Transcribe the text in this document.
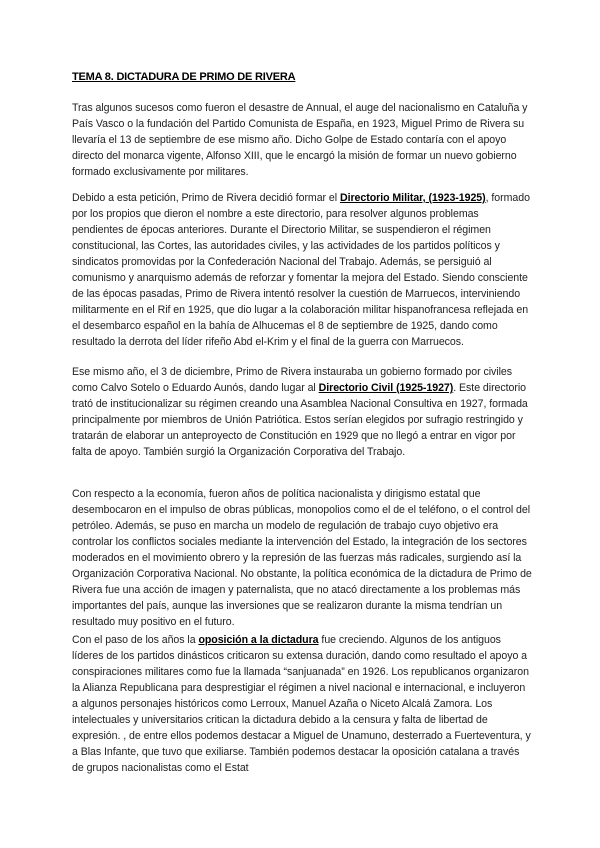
TEMA 8. DICTADURA DE PRIMO DE RIVERA

Tras algunos sucesos como fueron el desastre de Annual, el auge del nacionalismo en Cataluña y País Vasco o la fundación del Partido Comunista de España, en 1923, Miguel Primo de Rivera su llevaría el 13 de septiembre de ese mismo año. Dicho Golpe de Estado contaría con el apoyo directo del monarca vigente, Alfonso XIII, que le encargó la misión de formar un nuevo gobierno formado exclusivamente por militares.

Debido a esta petición, Primo de Rivera decidió formar el Directorio Militar, (1923-1925), formado por los propios que dieron el nombre a este directorio, para resolver algunos problemas pendientes de épocas anteriores. Durante el Directorio Militar, se suspendieron el régimen constitucional, las Cortes, las autoridades civiles, y las actividades de los partidos políticos y sindicatos promovidas por la Confederación Nacional del Trabajo. Además, se persiguió al comunismo y anarquismo además de reforzar y fomentar la mejora del Estado. Siendo consciente de las épocas pasadas, Primo de Rivera intentó resolver la cuestión de Marruecos, interviniendo militarmente en el Rif en 1925, que dio lugar a la colaboración militar hispanofrancesa reflejada en el desembarco español en la bahía de Alhucemas el 8 de septiembre de 1925, dando como resultado la derrota del líder rifeño Abd el-Krim y el final de la guerra con Marruecos.

Ese mismo año, el 3 de diciembre, Primo de Rivera instauraba un gobierno formado por civiles como Calvo Sotelo o Eduardo Aunós, dando lugar al Directorio Civil (1925-1927). Este directorio trató de institucionalizar su régimen creando una Asamblea Nacional Consultiva en 1927, formada principalmente por miembros de Unión Patriótica. Estos serían elegidos por sufragio restringido y tratarán de elaborar un anteproyecto de Constitución en 1929 que no llegó a entrar en vigor por falta de apoyo. También surgió la Organización Corporativa del Trabajo.

Con respecto a la economía, fueron años de política nacionalista y dirigismo estatal que desembocaron en el impulso de obras públicas, monopolios como el de el teléfono, o el control del petróleo. Además, se puso en marcha un modelo de regulación de trabajo cuyo objetivo era controlar los conflictos sociales mediante la intervención del Estado, la integración de los sectores moderados en el movimiento obrero y la represión de las fuerzas más radicales, surgiendo así la Organización Corporativa Nacional. No obstante, la política económica de la dictadura de Primo de Rivera fue una acción de imagen y paternalista, que no atacó directamente a los problemas más importantes del país, aunque las inversiones que se realizaron durante la misma tendrían un resultado muy positivo en el futuro.

Con el paso de los años la oposición a la dictadura fue creciendo. Algunos de los antiguos líderes de los partidos dinásticos criticaron su extensa duración, dando como resultado el apoyo a conspiraciones militares como fue la llamada “sanjuanada” en 1926. Los republicanos organizaron la Alianza Republicana para desprestigiar el régimen a nivel nacional e internacional, e incluyeron a algunos personajes históricos como Lerroux, Manuel Azaña o Niceto Alcalá Zamora. Los intelectuales y universitarios critican la dictadura debido a la censura y falta de libertad de expresión. , de entre ellos podemos destacar a Miguel de Unamuno, desterrado a Fuerteventura, y a Blas Infante, que tuvo que exiliarse. También podemos destacar la oposición catalana a través de grupos nacionalistas como el Estat
